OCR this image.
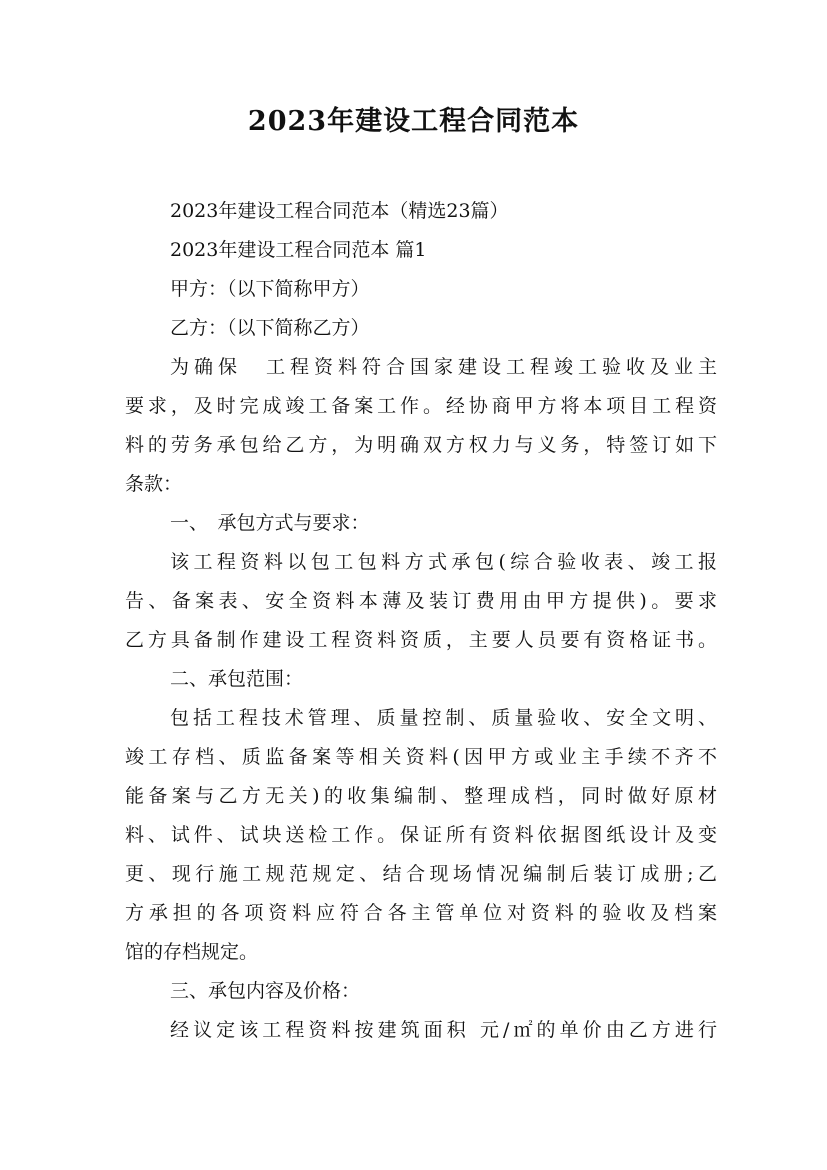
2023年建设工程合同范本
2023年建设工程合同范本（精选23篇）
2023年建设工程合同范本 篇1
甲方：（以下简称甲方）
乙方：（以下简称乙方）
为确保　工程资料符合国家建设工程竣工验收及业主
要求，及时完成竣工备案工作。经协商甲方将本项目工程资
料的劳务承包给乙方，为明确双方权力与义务，特签订如下
条款：
一、　承包方式与要求：
该工程资料以包工包料方式承包(综合验收表、竣工报
告、备案表、安全资料本薄及装订费用由甲方提供)。要求
乙方具备制作建设工程资料资质，主要人员要有资格证书。
二、承包范围：
包括工程技术管理、质量控制、质量验收、安全文明、
竣工存档、质监备案等相关资料(因甲方或业主手续不齐不
能备案与乙方无关)的收集编制、整理成档，同时做好原材
料、试件、试块送检工作。保证所有资料依据图纸设计及变
更、现行施工规范规定、结合现场情况编制后装订成册;乙
方承担的各项资料应符合各主管单位对资料的验收及档案
馆的存档规定。
三、承包内容及价格：
经议定该工程资料按建筑面积 元/㎡的单价由乙方进行
